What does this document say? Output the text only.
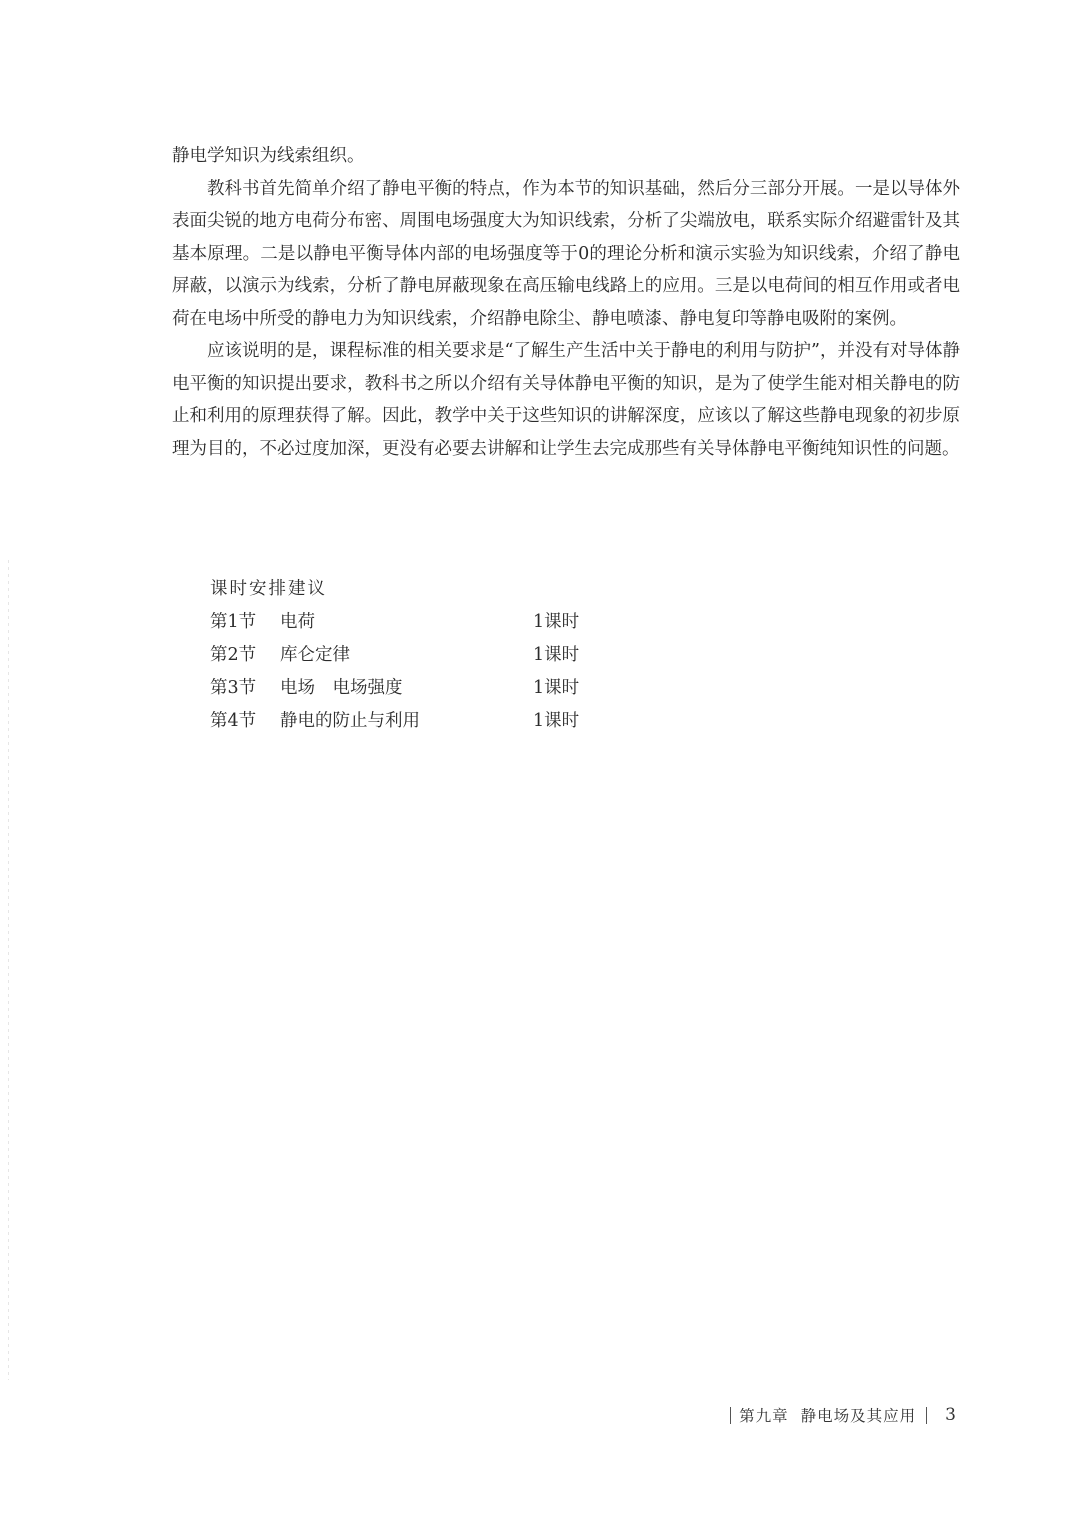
静电学知识为线索组织。

教科书首先简单介绍了静电平衡的特点，作为本节的知识基础，然后分三部分开展。一是以导体外表面尖锐的地方电荷分布密、周围电场强度大为知识线索，分析了尖端放电，联系实际介绍避雷针及其基本原理。二是以静电平衡导体内部的电场强度等于0的理论分析和演示实验为知识线索，介绍了静电屏蔽，以演示为线索，分析了静电屏蔽现象在高压输电线路上的应用。三是以电荷间的相互作用或者电荷在电场中所受的静电力为知识线索，介绍静电除尘、静电喷漆、静电复印等静电吸附的案例。

应该说明的是，课程标准的相关要求是“了解生产生活中关于静电的利用与防护”，并没有对导体静电平衡的知识提出要求，教科书之所以介绍有关导体静电平衡的知识，是为了使学生能对相关静电的防止和利用的原理获得了解。因此，教学中关于这些知识的讲解深度，应该以了解这些静电现象的初步原理为目的，不必过度加深，更没有必要去讲解和让学生去完成那些有关导体静电平衡纯知识性的问题。

课时安排建议
第1节	电荷	1课时
第2节	库仑定律	1课时
第3节	电场　电场强度	1课时
第4节	静电的防止与利用	1课时
第九章 静电场及其应用 3
